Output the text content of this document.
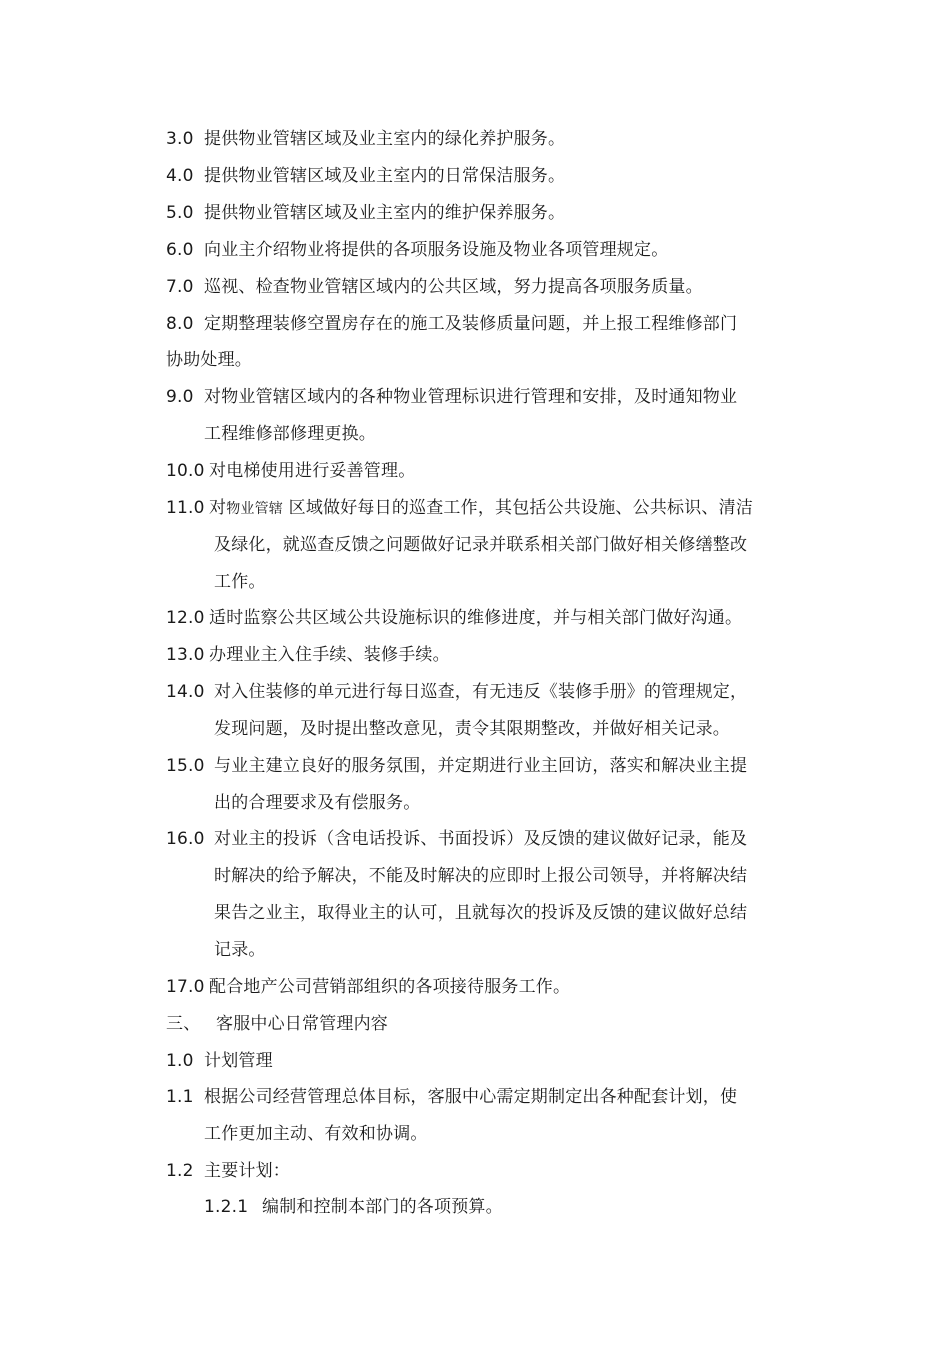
3.0 提供物业管辖区域及业主室内的绿化养护服务。
4.0 提供物业管辖区域及业主室内的日常保洁服务。
5.0 提供物业管辖区域及业主室内的维护保养服务。
6.0 向业主介绍物业将提供的各项服务设施及物业各项管理规定。
7.0 巡视、检查物业管辖区域内的公共区域，努力提高各项服务质量。
8.0 定期整理装修空置房存在的施工及装修质量问题，并上报工程维修部门
协助处理。
9.0 对物业管辖区域内的各种物业管理标识进行管理和安排，及时通知物业
工程维修部修理更换。
10.0 对电梯使用进行妥善管理。
11.0 对物业管辖 区域做好每日的巡查工作，其包括公共设施、公共标识、清洁
及绿化，就巡查反馈之问题做好记录并联系相关部门做好相关修缮整改
工作。
12.0 适时监察公共区域公共设施标识的维修进度，并与相关部门做好沟通。
13.0 办理业主入住手续、装修手续。
14.0 对入住装修的单元进行每日巡查，有无违反《装修手册》的管理规定，
发现问题，及时提出整改意见，责令其限期整改，并做好相关记录。
15.0 与业主建立良好的服务氛围，并定期进行业主回访，落实和解决业主提
出的合理要求及有偿服务。
16.0 对业主的投诉（含电话投诉、书面投诉）及反馈的建议做好记录，能及
时解决的给予解决，不能及时解决的应即时上报公司领导，并将解决结
果告之业主，取得业主的认可，且就每次的投诉及反馈的建议做好总结
记录。
17.0 配合地产公司营销部组织的各项接待服务工作。
三、 客服中心日常管理内容
1.0 计划管理
1.1 根据公司经营管理总体目标，客服中心需定期制定出各种配套计划，使
工作更加主动、有效和协调。
1.2 主要计划：
1.2.1 编制和控制本部门的各项预算。
